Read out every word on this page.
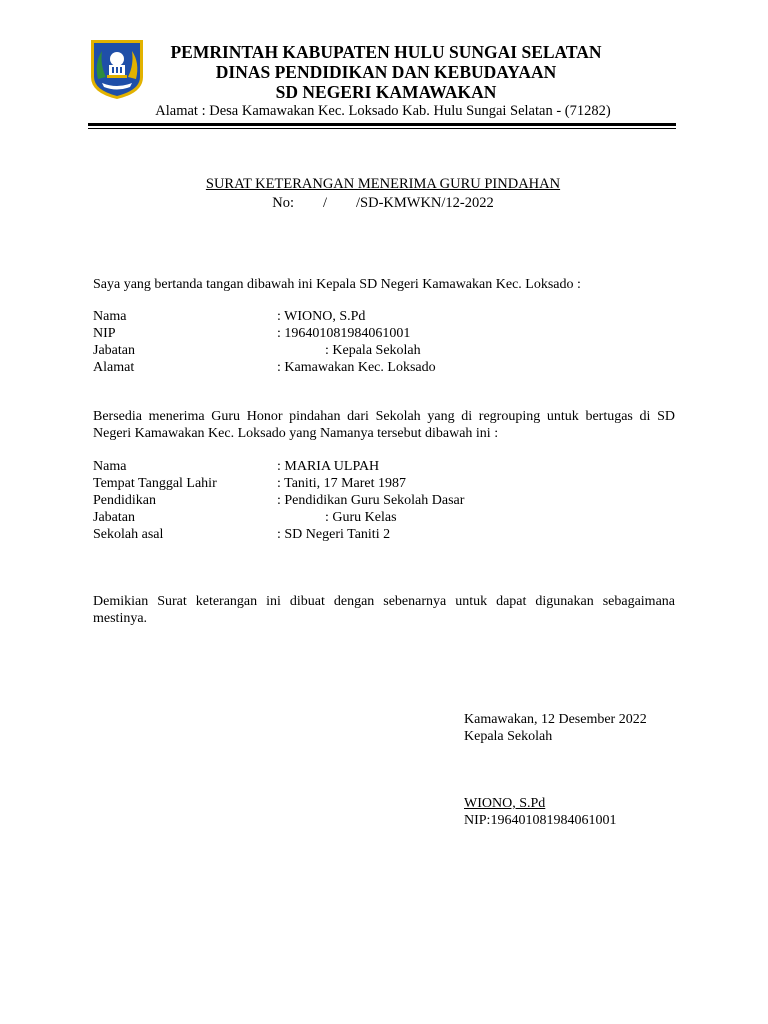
PEMRINTAH KABUPATEN HULU SUNGAI SELATAN
DINAS PENDIDIKAN DAN KEBUDAYAAN
SD NEGERI KAMAWAKAN
Alamat : Desa Kamawakan Kec. Loksado Kab. Hulu Sungai Selatan - (71282)
SURAT KETERANGAN MENERIMA GURU PINDAHAN
No:        /        /SD-KMWKN/12-2022
Saya yang bertanda tangan dibawah ini Kepala SD Negeri Kamawakan Kec. Loksado :
Nama	: WIONO, S.Pd
NIP	: 196401081984061001
Jabatan	: Kepala Sekolah
Alamat	: Kamawakan Kec. Loksado
Bersedia menerima Guru Honor pindahan dari Sekolah yang di regrouping untuk bertugas di SD Negeri Kamawakan Kec. Loksado yang Namanya tersebut dibawah ini :
Nama	: MARIA ULPAH
Tempat Tanggal Lahir	: Taniti, 17 Maret 1987
Pendidikan	: Pendidikan Guru Sekolah Dasar
Jabatan	: Guru Kelas
Sekolah asal	: SD Negeri Taniti 2
Demikian Surat keterangan ini dibuat dengan sebenarnya untuk dapat digunakan sebagaimana mestinya.
Kamawakan, 12 Desember 2022
Kepala Sekolah
WIONO, S.Pd
NIP:196401081984061001
